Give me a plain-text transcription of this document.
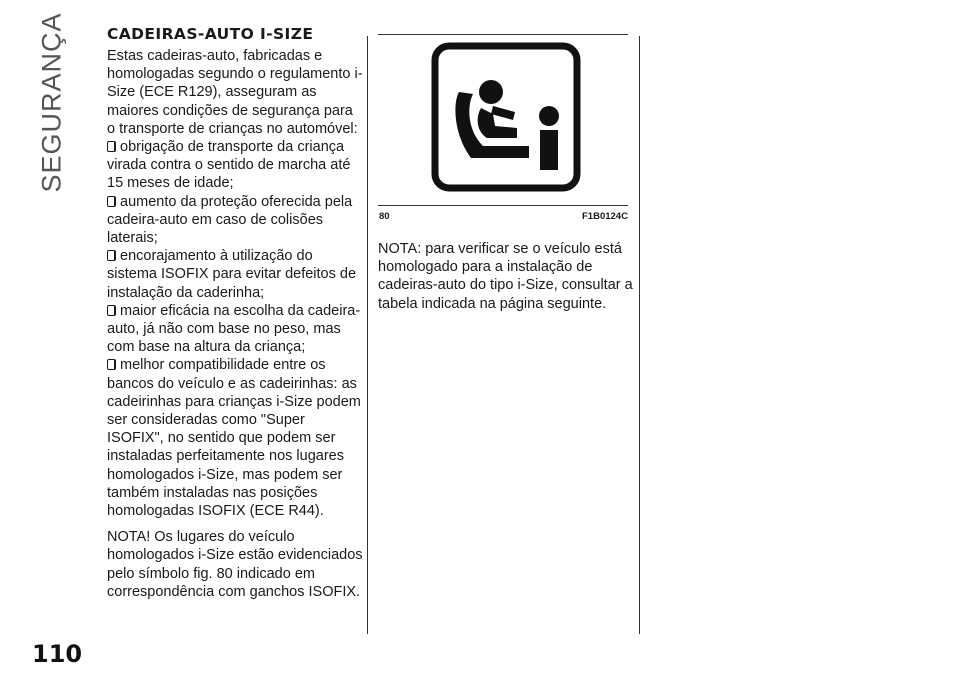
SEGURANÇA	CADEIRAS-AUTO I-SIZE

Estas cadeiras-auto, fabricadas e homologadas segundo o regulamento i-Size (ECE R129), asseguram as maiores condições de segurança para o transporte de crianças no automóvel:

obrigação de transporte da criança virada contra o sentido de marcha até 15 meses de idade;

aumento da proteção oferecida pela cadeira-auto em caso de colisões laterais;

encorajamento à utilização do sistema ISOFIX para evitar defeitos de instalação da caderinha;

maior eficácia na escolha da cadeira-auto, já não com base no peso, mas com base na altura da criança;

melhor compatibilidade entre os bancos do veículo e as cadeirinhas: as cadeirinhas para crianças i-Size podem ser consideradas como "Super ISOFIX", no sentido que podem ser instaladas perfeitamente nos lugares homologados i-Size, mas podem ser também instaladas nas posições homologadas ISOFIX (ECE R44).

NOTA! Os lugares do veículo homologados i-Size estão evidenciados pelo símbolo fig. 80 indicado em correspondência com ganchos ISOFIX.

80	F1B0124C

NOTA: para verificar se o veículo está homologado para a instalação de cadeiras-auto do tipo i-Size, consultar a tabela indicada na página seguinte.

110
